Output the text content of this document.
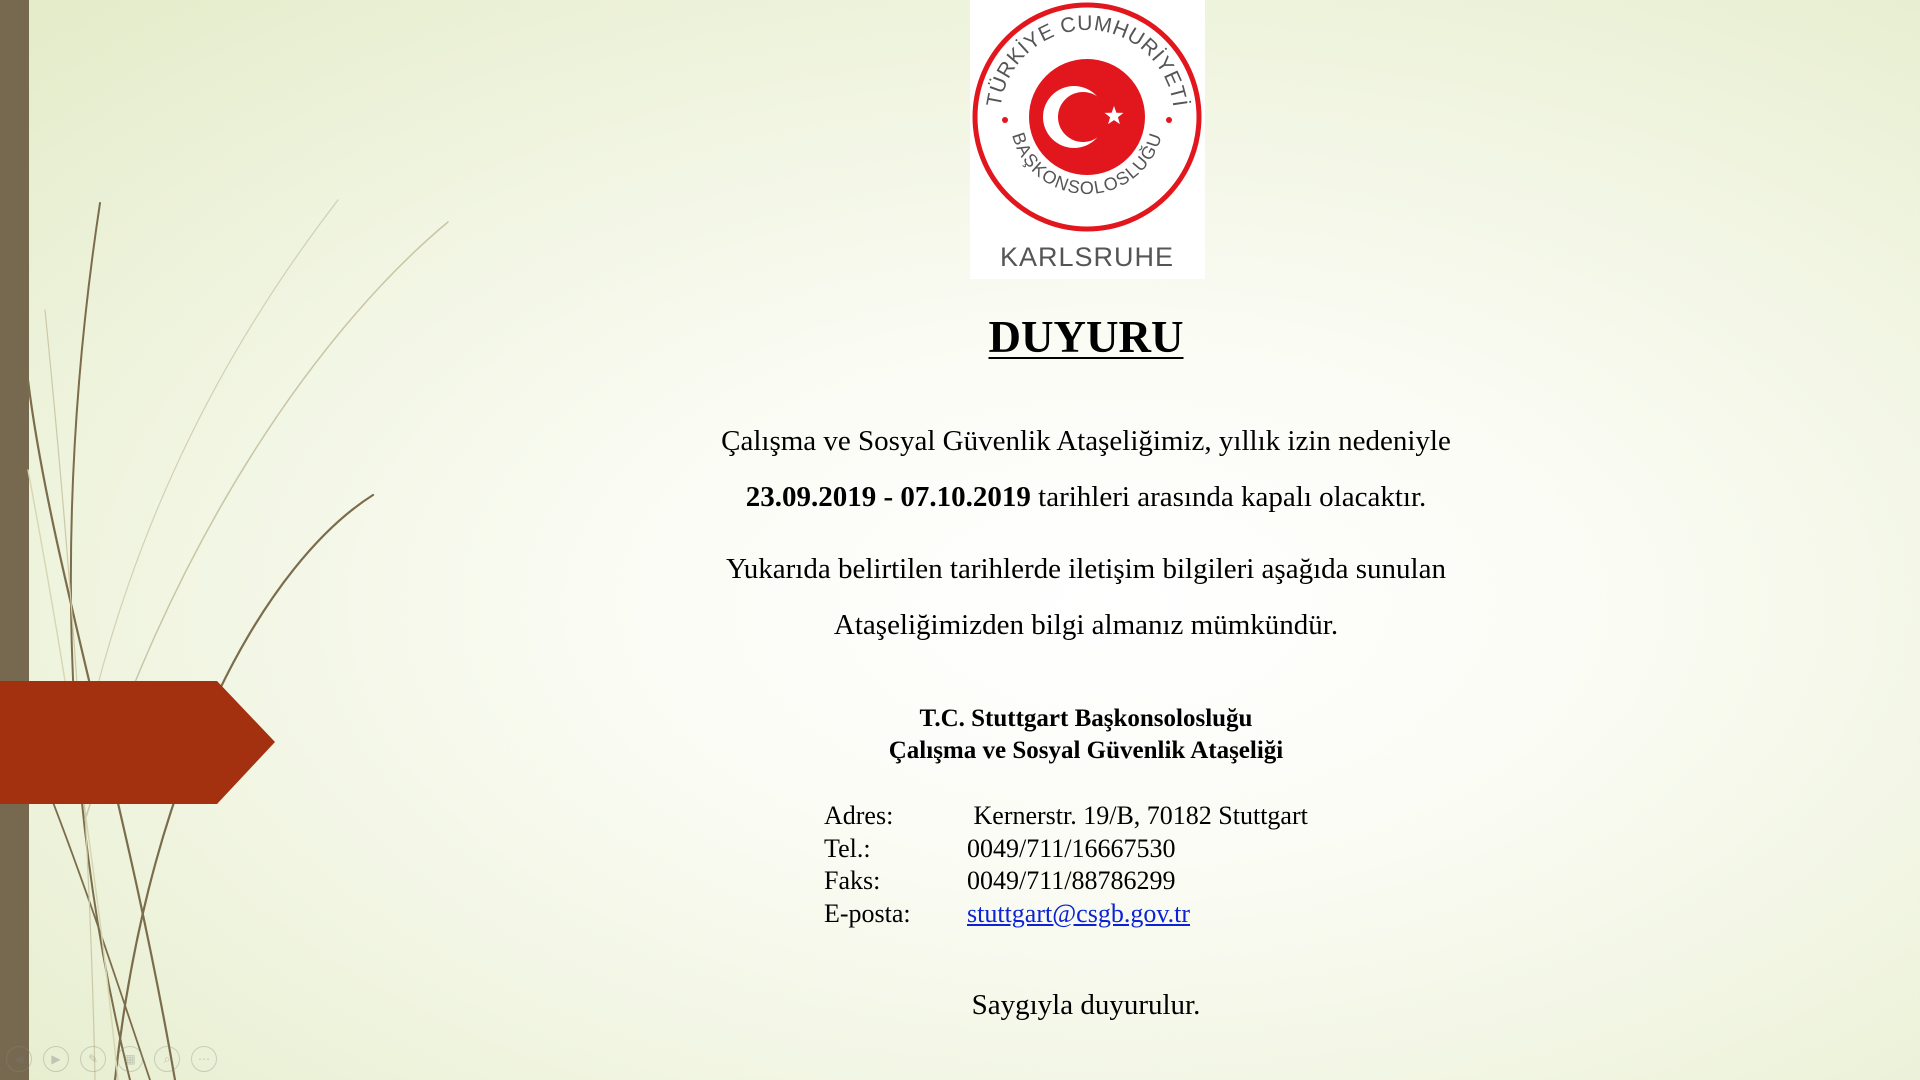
TÜRKİYE CUMHURİYETİ
BAŞKONSOLOSLUĞU
KARLSRUHE
DUYURU
Çalışma ve Sosyal Güvenlik Ataşeliğimiz, yıllık izin nedeniyle
23.09.2019 - 07.10.2019 tarihleri arasında kapalı olacaktır.
Yukarıda belirtilen tarihlerde iletişim bilgileri aşağıda sunulan
Ataşeliğimizden bilgi almanız mümkündür.
T.C. Stuttgart Başkonsolosluğu
Çalışma ve Sosyal Güvenlik Ataşeliği
Adres:	Kernerstr. 19/B, 70182 Stuttgart
Tel.:	0049/711/16667530
Faks:	0049/711/88786299
E-posta:	stuttgart@csgb.gov.tr
Saygıyla duyurulur.
◀	▶	✎	▦	⌕	⋯
